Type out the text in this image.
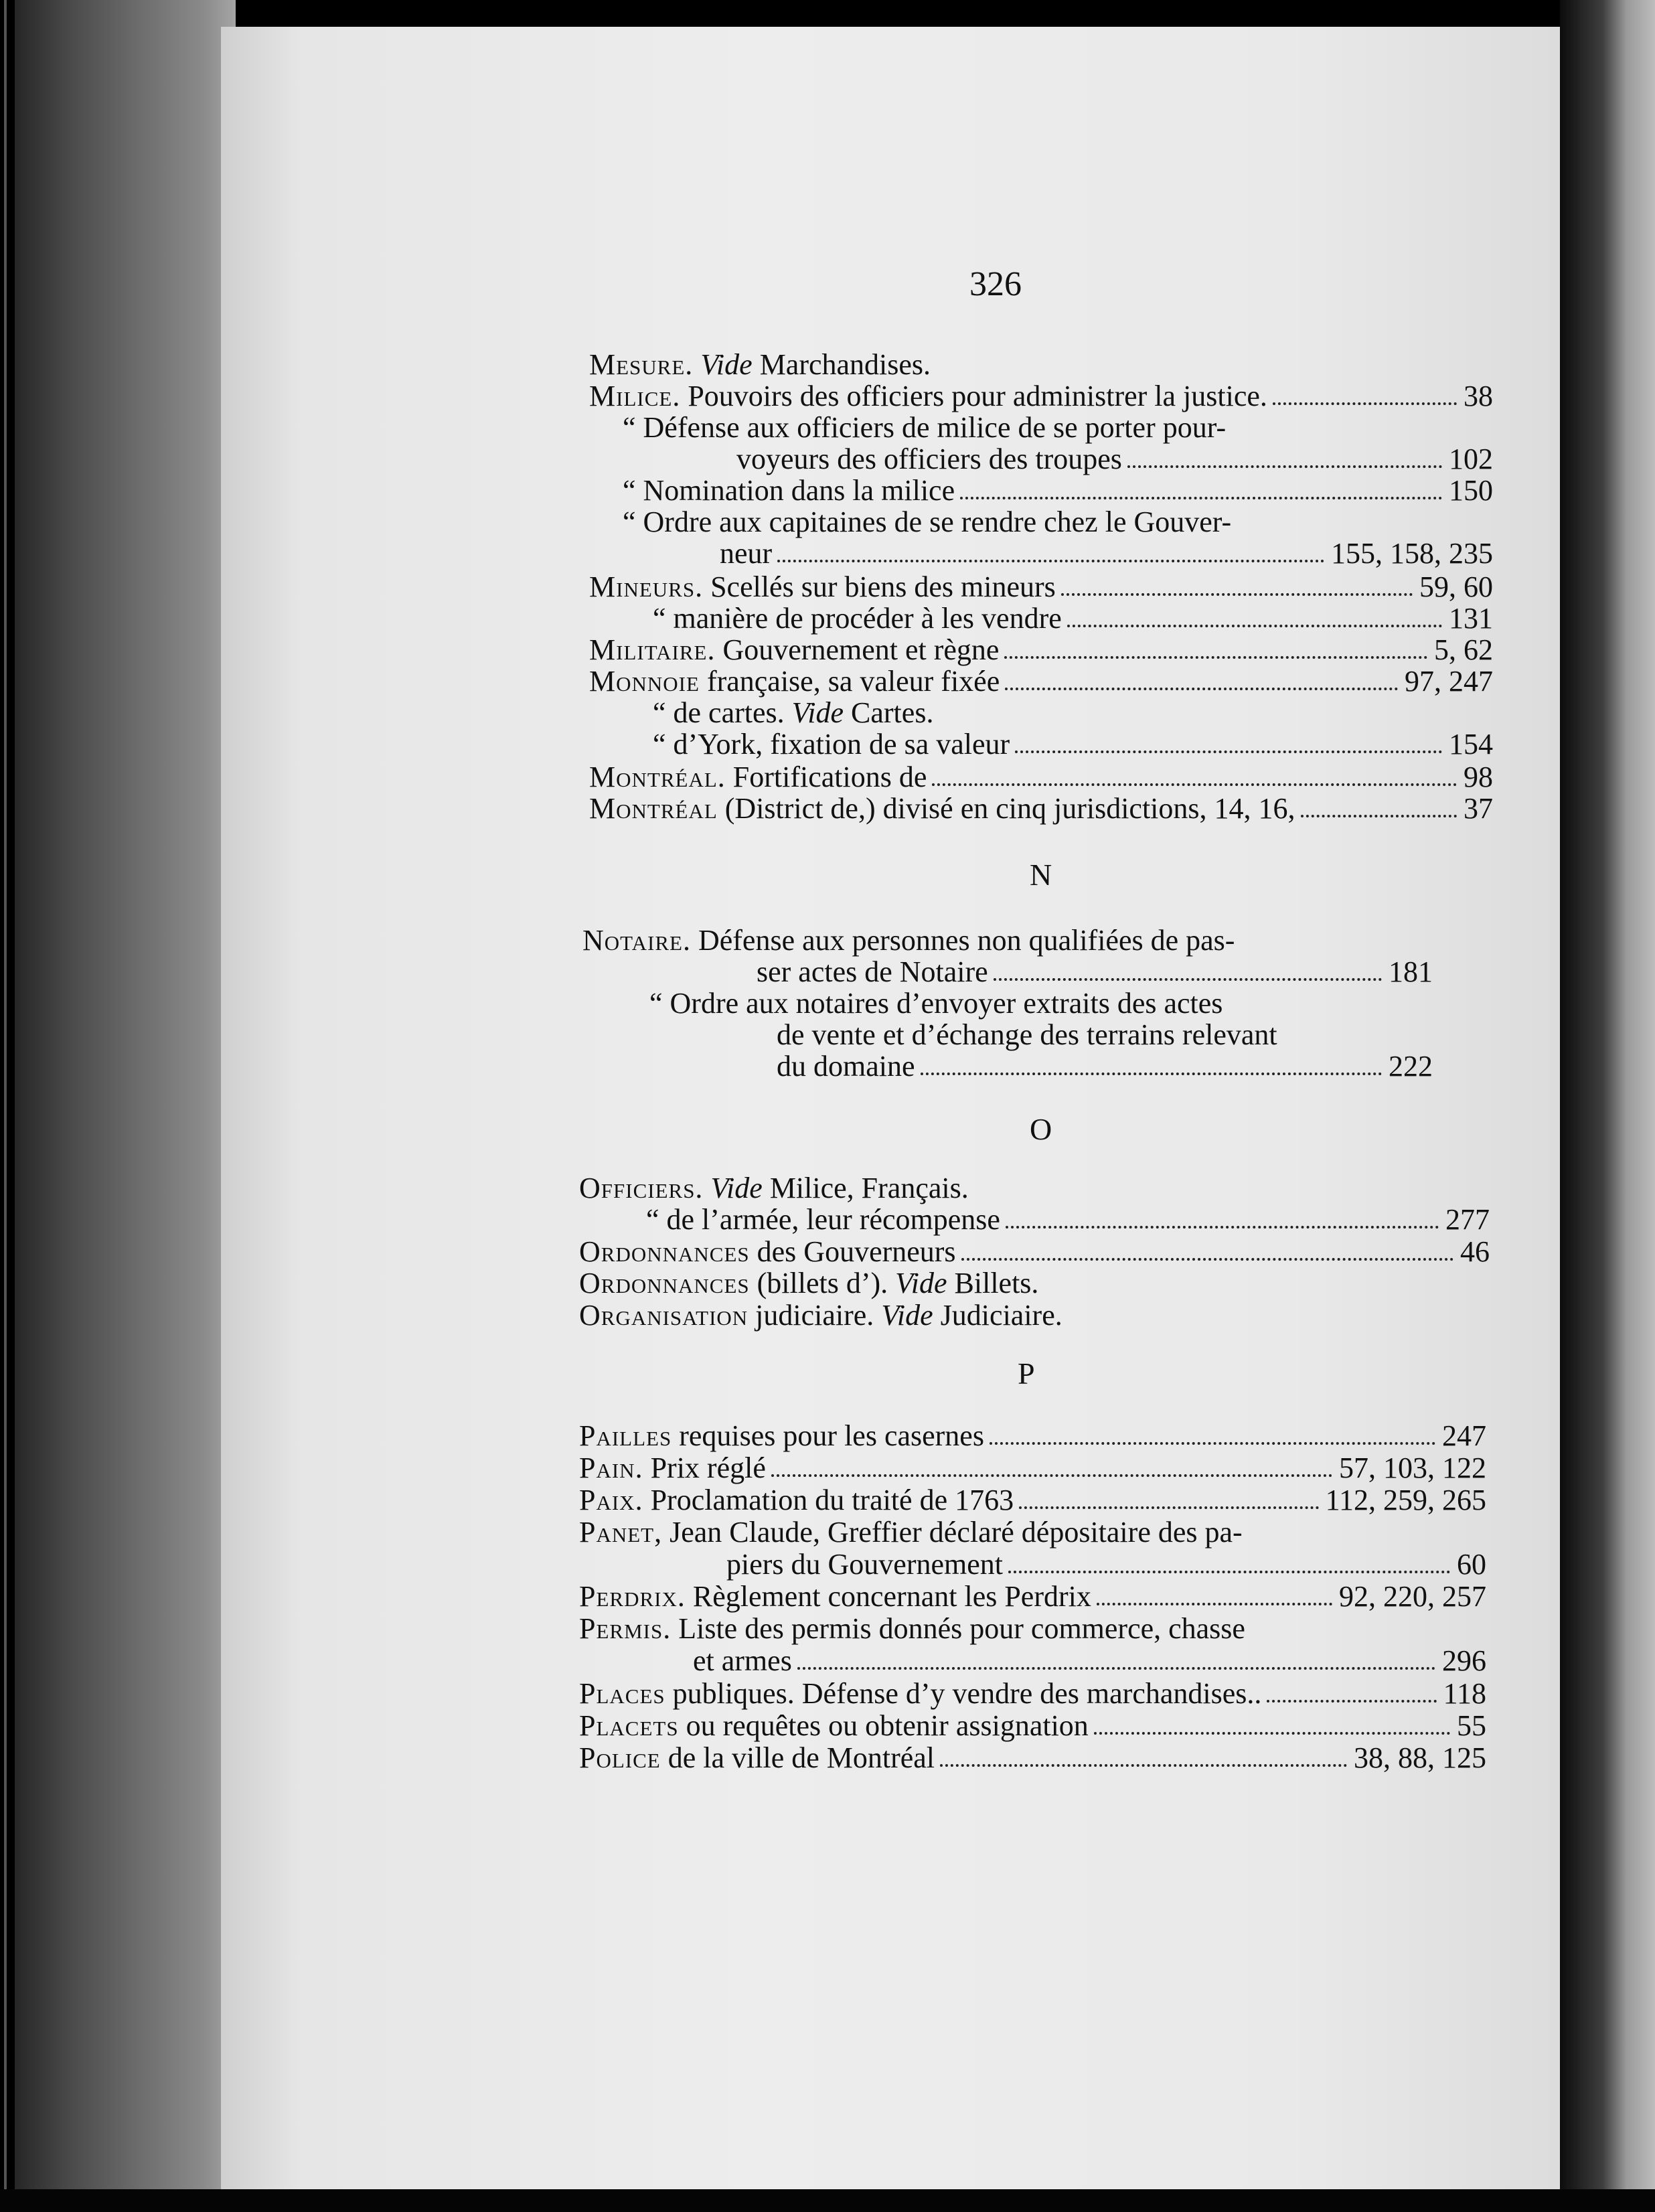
326
N
O
P
Mesure. Vide Marchandises.
Milice. Pouvoirs des officiers pour administrer la justice.	38
“ Défense aux officiers de milice de se porter pour-
voyeurs des officiers des troupes	102
“ Nomination dans la milice	150
“ Ordre aux capitaines de se rendre chez le Gouver-
neur	155, 158, 235
Mineurs. Scellés sur biens des mineurs	59, 60
“ manière de procéder à les vendre	131
Militaire. Gouvernement et règne	5, 62
Monnoie française, sa valeur fixée	97, 247
“ de cartes. Vide Cartes.
“ d’York, fixation de sa valeur	154
Montréal. Fortifications de	98
Montréal (District de,) divisé en cinq jurisdictions, 14, 16,	37
Notaire. Défense aux personnes non qualifiées de pas-
ser actes de Notaire	181
“ Ordre aux notaires d’envoyer extraits des actes
de vente et d’échange des terrains relevant
du domaine	222
Officiers. Vide Milice, Français.
“ de l’armée, leur récompense	277
Ordonnances des Gouverneurs	46
Ordonnances (billets d’). Vide Billets.
Organisation judiciaire. Vide Judiciaire.
Pailles requises pour les casernes	247
Pain. Prix réglé	57, 103, 122
Paix. Proclamation du traité de 1763	112, 259, 265
Panet, Jean Claude, Greffier déclaré dépositaire des pa-
piers du Gouvernement	60
Perdrix. Règlement concernant les Perdrix	92, 220, 257
Permis. Liste des permis donnés pour commerce, chasse
et armes	296
Places publiques. Défense d’y vendre des marchandises..	118
Placets ou requêtes ou obtenir assignation	55
Police de la ville de Montréal	38, 88, 125
